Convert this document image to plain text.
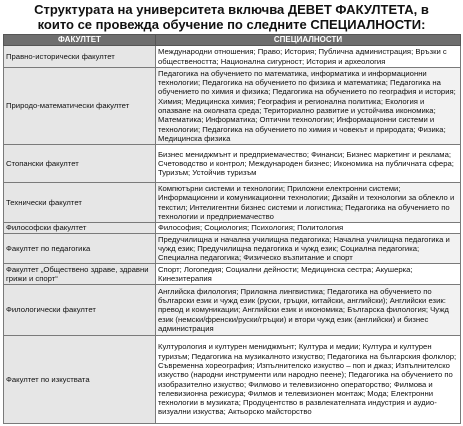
Структурата на университета включва ДЕВЕТ ФАКУЛТЕТА, в
които се провежда обучение по следните СПЕЦИАЛНОСТИ:
ФАКУЛТЕТ	СПЕЦИАЛНОСТИ
Правно-исторически факултет	Международни отношения; Право; История; Публична администрация; Връзки с обществеността; Национална сигурност; История и археология
Природо-математически факултет	Педагогика на обучението по математика, информатика и информационни технологии; Педагогика на обучението по физика и математика; Педагогика на обучението по химия и физика; Педагогика на обучението по география и история; Химия; Медицинска химия; География и регионална политика; Екология и опазване на околната среда; Териториално развитие и устойчива икономика; Математика; Информатика; Оптични технологии; Информационни системи и технологии; Педагогика на обучението по химия и човекът и природата; Физика; Медицинска физика
Стопански факултет	Бизнес мениджмънт и предприемачество; Финанси; Бизнес маркетинг и реклама; Счетоводство и контрол; Международен бизнес; Икономика на публичната сфера; Туризъм; Устойчив туризъм
Технически факултет	Компютърни системи и технологии; Приложни електронни системи; Информационни и комуникационни технологии; Дизайн и технологии за облекло и текстил; Интелигентни бизнес системи и логистика; Педагогика на обучението по технологии и предприемачество
Философски факултет	Философия; Социология; Психология; Политология
Факултет по педагогика	Предучилищна и начална училищна педагогика; Начална училищна педагогика и чужд език; Предучилищна педагогика и чужд език; Социална педагогика; Специална педагогика; Физическо възпитание и спорт
Факултет „Обществено здраве, здравни грижи и спорт“	Спорт; Логопедия; Социални дейности; Медицинска сестра; Акушерка; Кинезитерапия
Филологически факултет	Английска филология; Приложна лингвистика; Педагогика на обучението по български език и чужд език (руски, гръцки, китайски, английски); Английски език: превод и комуникации; Английски език и икономика; Българска филология; Чужд език (немски/френски/руски/гръцки) и втори чужд език (английски) и бизнес администрация
Факултет по изкуствата	Културология и културен мениджмънт; Култура и медии; Култура и културен туризъм; Педагогика на музикалното изкуство; Педагогика на българския фолклор; Съвременна хореография; Изпълнителско изкуство – поп и джаз; Изпълнителско изкуство (народни инструменти или народно пеене); Педагогика на обучението по изобразително изкуство; Филмово и телевизионно операторство; Филмова и телевизионна режисура; Филмов и телевизионен монтаж; Мода; Електронни технологии в музиката; Продуцентство в развлекателната индустрия и аудио-визуални изкуства; Актьорско майсторство
